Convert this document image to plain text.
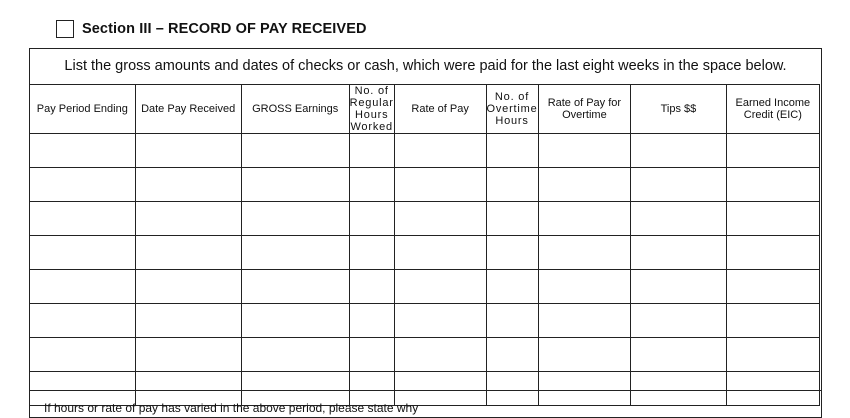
Section III – RECORD OF PAY RECEIVED
List the gross amounts and dates of checks or cash, which were paid for the last eight weeks in the space below.
Pay Period Ending	Date Pay Received	GROSS Earnings	No. of Regular Hours Worked	Rate of Pay	No. of Overtime Hours	Rate of Pay for Overtime	Tips $$	Earned Income Credit (EIC)

If hours or rate of pay has varied in the above period, please state why
